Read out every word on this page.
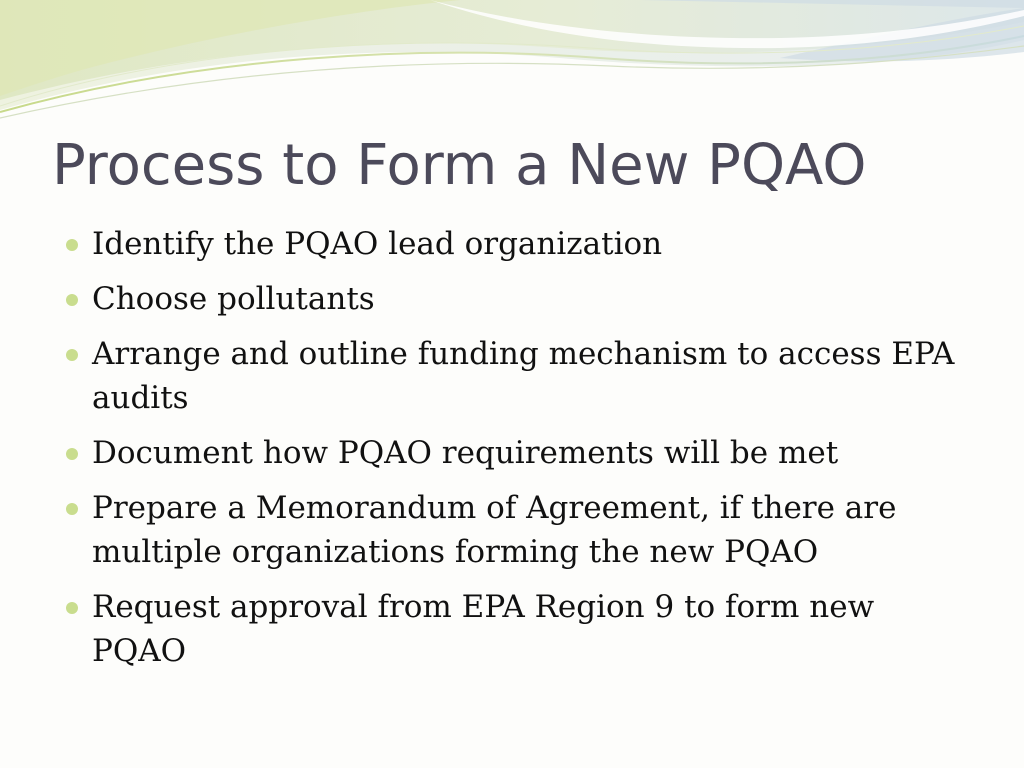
Process to Form a New PQAO
Identify the PQAO lead organization
Choose pollutants
Arrange and outline funding mechanism to access EPA audits
Document how PQAO requirements will be met
Prepare a Memorandum of Agreement, if there are multiple organizations forming the new PQAO
Request approval from EPA Region 9 to form new PQAO
